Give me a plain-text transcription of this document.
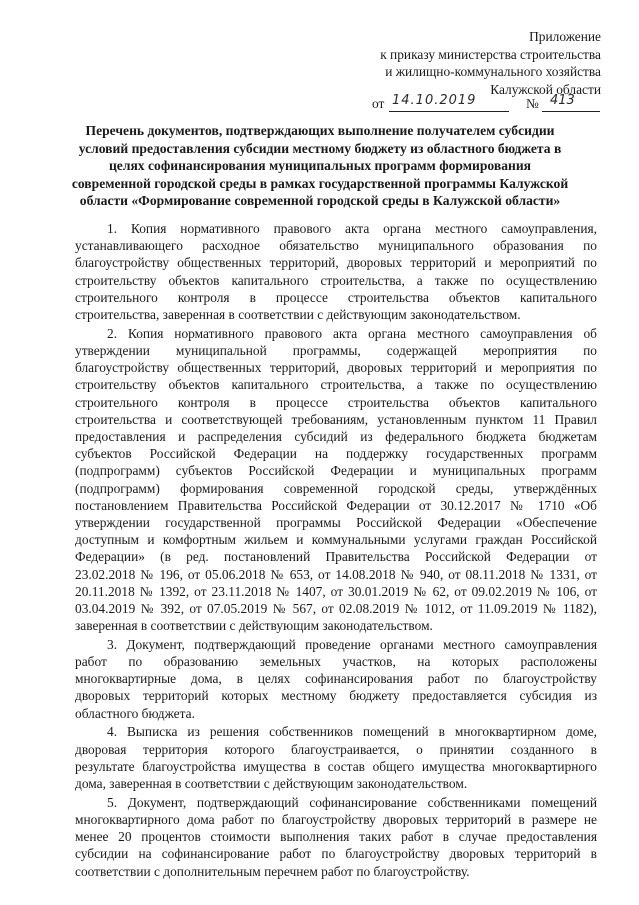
Приложение
к приказу министерства строительства
и жилищно-коммунального хозяйства
Калужской области
от 14.10.2019	№ 413
Перечень документов, подтверждающих выполнение получателем субсидии
условий предоставления субсидии местному бюджету из областного бюджета в
целях софинансирования муниципальных программ формирования
современной городской среды в рамках государственной программы Калужской
области «Формирование современной городской среды в Калужской области»
1. Копия нормативного правового акта органа местного самоуправления,
устанавливающего расходное обязательство муниципального образования по
благоустройству общественных территорий, дворовых территорий и мероприятий по
строительству объектов капитального строительства, а также по осуществлению
строительного контроля в процессе строительства объектов капитального
строительства, заверенная в соответствии с действующим законодательством.
2. Копия нормативного правового акта органа местного самоуправления об
утверждении муниципальной программы, содержащей мероприятия по
благоустройству общественных территорий, дворовых территорий и мероприятия по
строительству объектов капитального строительства, а также по осуществлению
строительного контроля в процессе строительства объектов капитального
строительства и соответствующей требованиям, установленным пунктом 11 Правил
предоставления и распределения субсидий из федерального бюджета бюджетам
субъектов Российской Федерации на поддержку государственных программ
(подпрограмм) субъектов Российской Федерации и муниципальных программ
(подпрограмм) формирования современной городской среды, утверждённых
постановлением Правительства Российской Федерации от 30.12.2017 № 1710 «Об
утверждении государственной программы Российской Федерации «Обеспечение
доступным и комфортным жильем и коммунальными услугами граждан Российской
Федерации» (в ред. постановлений Правительства Российской Федерации от
23.02.2018 № 196, от 05.06.2018 № 653, от 14.08.2018 № 940, от 08.11.2018 № 1331, от
20.11.2018 № 1392, от 23.11.2018 № 1407, от 30.01.2019 № 62, от 09.02.2019 № 106, от
03.04.2019 № 392, от 07.05.2019 № 567, от 02.08.2019 № 1012, от 11.09.2019 № 1182),
заверенная в соответствии с действующим законодательством.
3. Документ, подтверждающий проведение органами местного самоуправления
работ по образованию земельных участков, на которых расположены
многоквартирные дома, в целях софинансирования работ по благоустройству
дворовых территорий которых местному бюджету предоставляется субсидия из
областного бюджета.
4. Выписка из решения собственников помещений в многоквартирном доме,
дворовая территория которого благоустраивается, о принятии созданного в
результате благоустройства имущества в состав общего имущества многоквартирного
дома, заверенная в соответствии с действующим законодательством.
5. Документ, подтверждающий софинансирование собственниками помещений
многоквартирного дома работ по благоустройству дворовых территорий в размере не
менее 20 процентов стоимости выполнения таких работ в случае предоставления
субсидии на софинансирование работ по благоустройству дворовых территорий в
соответствии с дополнительным перечнем работ по благоустройству.
